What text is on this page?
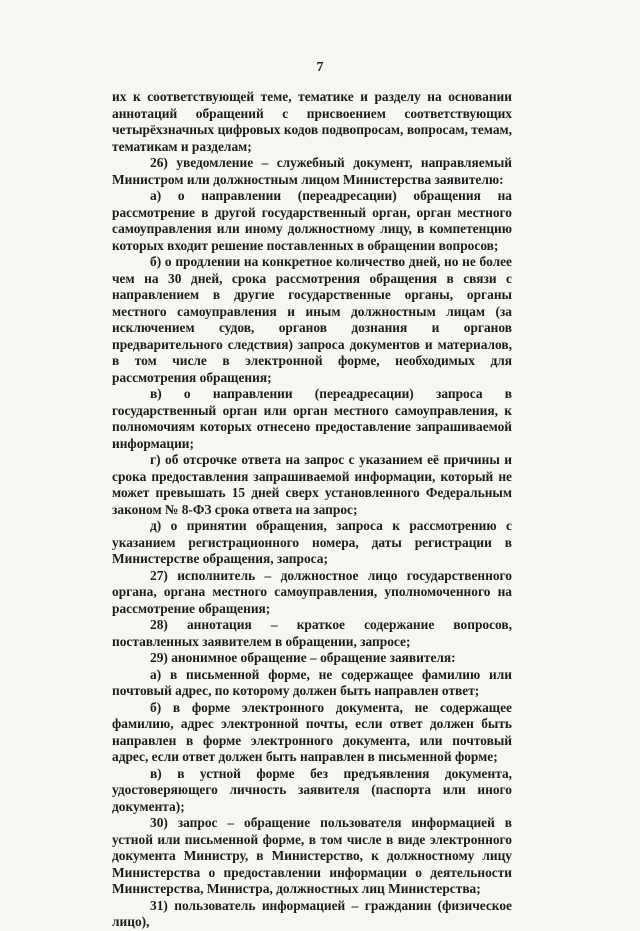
7

их к соответствующей теме, тематике и разделу на основании аннотаций обращений с присвоением соответствующих четырёхзначных цифровых кодов подвопросам, вопросам, темам, тематикам и разделам;

26) уведомление – служебный документ, направляемый Министром или должностным лицом Министерства заявителю:

а) о направлении (переадресации) обращения на рассмотрение в другой государственный орган, орган местного самоуправления или иному должностному лицу, в компетенцию которых входит решение поставленных в обращении вопросов;

б) о продлении на конкретное количество дней, но не более чем на 30 дней, срока рассмотрения обращения в связи с направлением в другие государственные органы, органы местного самоуправления и иным должностным лицам (за исключением судов, органов дознания и органов предварительного следствия) запроса документов и материалов, в том числе в электронной форме, необходимых для рассмотрения обращения;

в) о направлении (переадресации) запроса в государственный орган или орган местного самоуправления, к полномочиям которых отнесено предоставление запрашиваемой информации;

г) об отсрочке ответа на запрос с указанием её причины и срока предоставления запрашиваемой информации, который не может превышать 15 дней сверх установленного Федеральным законом № 8-ФЗ срока ответа на запрос;

д) о принятии обращения, запроса к рассмотрению с указанием регистрационного номера, даты регистрации в Министерстве обращения, запроса;

27) исполнитель – должностное лицо государственного органа, органа местного самоуправления, уполномоченного на рассмотрение обращения;

28) аннотация – краткое содержание вопросов, поставленных заявителем в обращении, запросе;

29) анонимное обращение – обращение заявителя:

а) в письменной форме, не содержащее фамилию или почтовый адрес, по которому должен быть направлен ответ;

б) в форме электронного документа, не содержащее фамилию, адрес электронной почты, если ответ должен быть направлен в форме электронного документа, или почтовый адрес, если ответ должен быть направлен в письменной форме;

в) в устной форме без предъявления документа, удостоверяющего личность заявителя (паспорта или иного документа);

30) запрос – обращение пользователя информацией в устной или письменной форме, в том числе в виде электронного документа Министру, в Министерство, к должностному лицу Министерства о предоставлении информации о деятельности Министерства, Министра, должностных лиц Министерства;

31) пользователь информацией – гражданин (физическое лицо),
